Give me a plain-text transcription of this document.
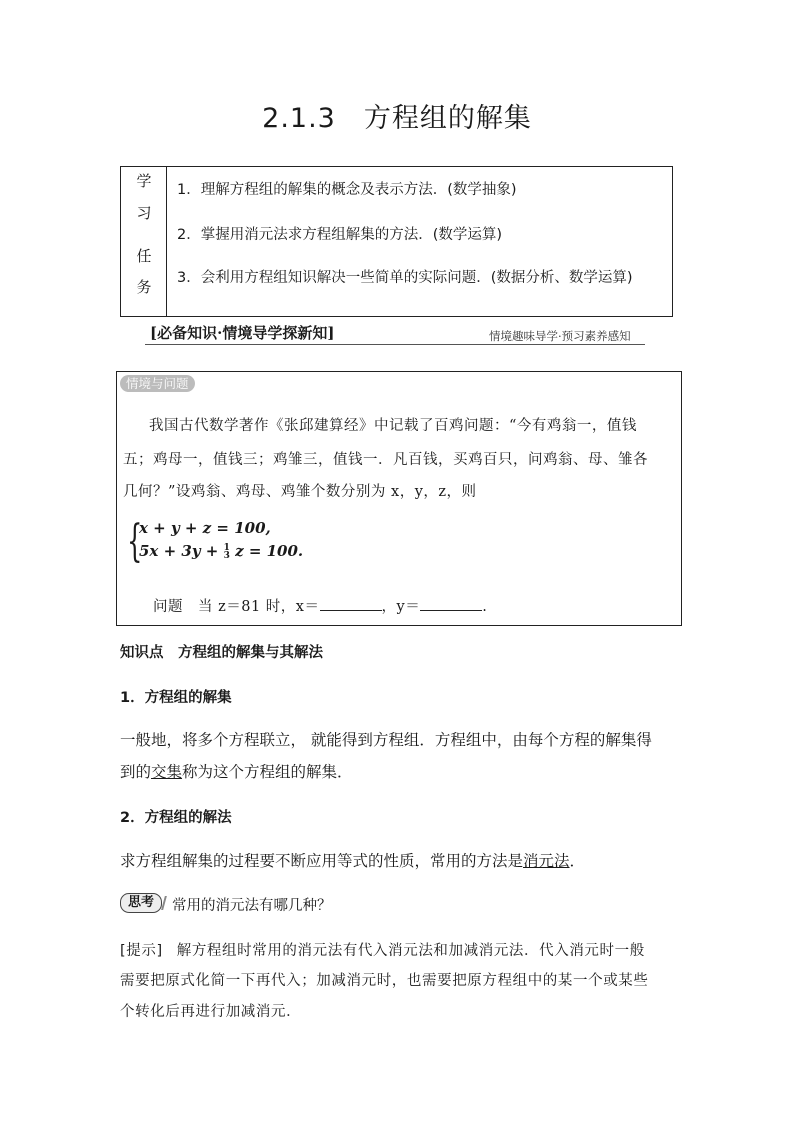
2.1.3 方程组的解集
学
习
任
务
1．理解方程组的解集的概念及表示方法．(数学抽象)
2．掌握用消元法求方程组解集的方法．(数学运算)
3．会利用方程组知识解决一些简单的实际问题．(数据分析、数学运算)
[必备知识·情境导学探新知]	情境趣味导学·预习素养感知
情境与问题
我国古代数学著作《张邱建算经》中记载了百鸡问题：“今有鸡翁一，值钱
五；鸡母一，值钱三；鸡雏三，值钱一．凡百钱，买鸡百只，问鸡翁、母、雏各
几何？”设鸡翁、鸡母、鸡雏个数分别为 x，y，z，则
{
x + y + z = 100,
5x + 3y + 1
3 z = 100.
问题　当 z＝81 时，x＝	，y＝	.
知识点　方程组的解集与其解法
1．方程组的解集
一般地，将多个方程联立， 就能得到方程组．方程组中，由每个方程的解集得
到的交集称为这个方程组的解集．
2．方程组的解法
求方程组解集的过程要不断应用等式的性质，常用的方法是消元法．
思考	常用的消元法有哪几种？
[提示] 解方程组时常用的消元法有代入消元法和加减消元法．代入消元时一般
需要把原式化简一下再代入；加减消元时，也需要把原方程组中的某一个或某些
个转化后再进行加减消元．
